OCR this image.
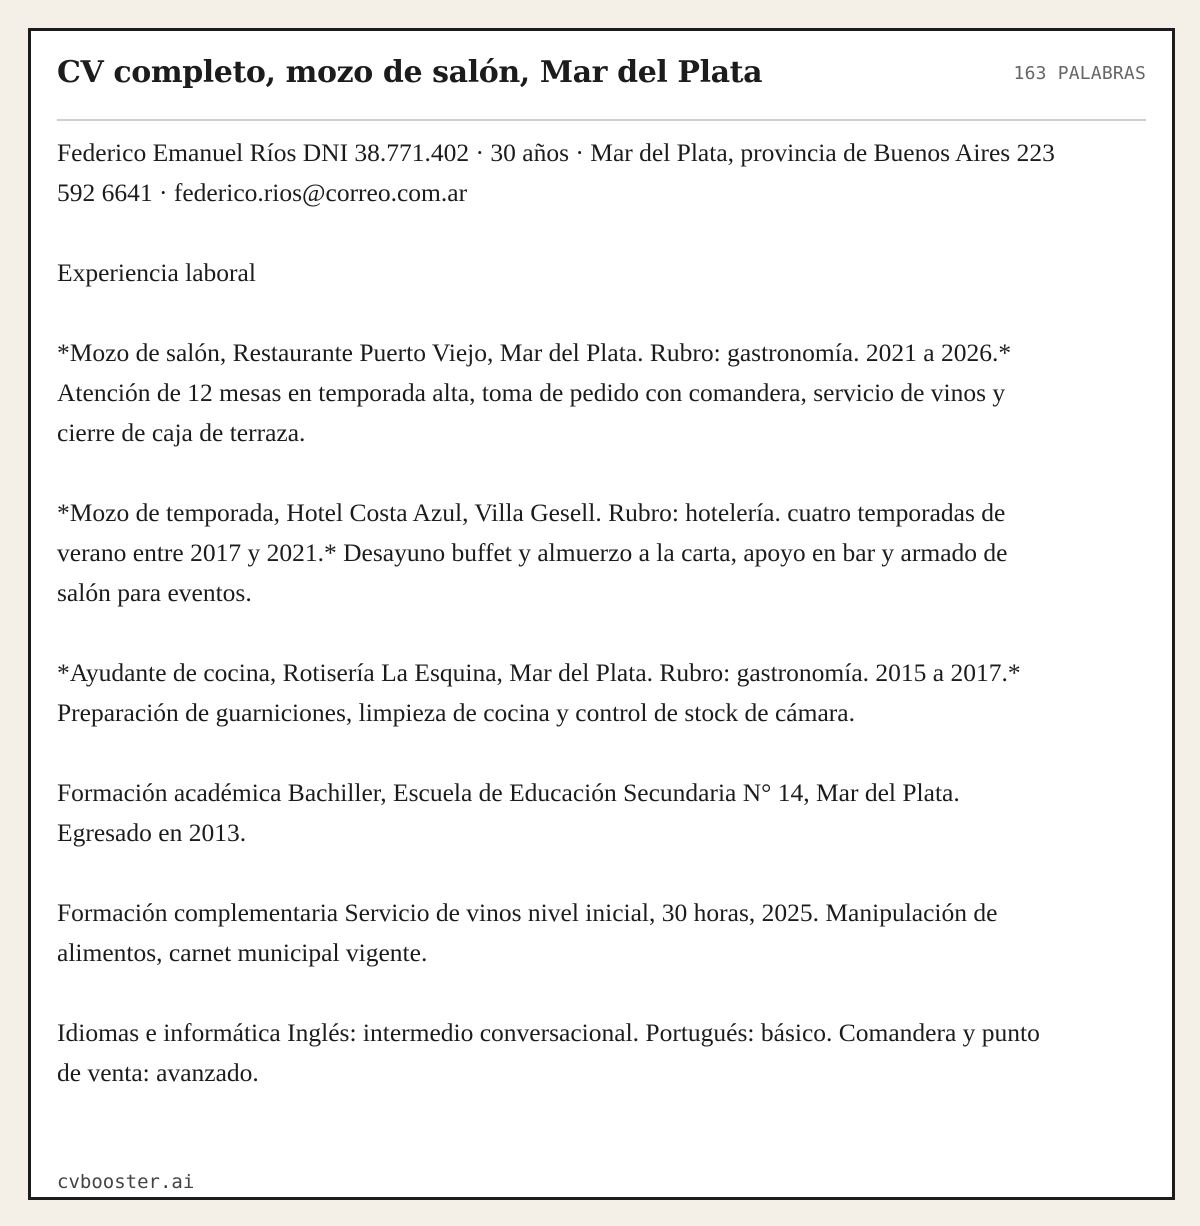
CV completo, mozo de salón, Mar del Plata	163 PALABRAS

Federico Emanuel Ríos DNI 38.771.402 · 30 años · Mar del Plata, provincia de Buenos Aires 223 592 6641 · federico.rios@correo.com.ar

Experiencia laboral

*Mozo de salón, Restaurante Puerto Viejo, Mar del Plata. Rubro: gastronomía. 2021 a 2026.* Atención de 12 mesas en temporada alta, toma de pedido con comandera, servicio de vinos y cierre de caja de terraza.

*Mozo de temporada, Hotel Costa Azul, Villa Gesell. Rubro: hotelería. cuatro temporadas de verano entre 2017 y 2021.* Desayuno buffet y almuerzo a la carta, apoyo en bar y armado de salón para eventos.

*Ayudante de cocina, Rotisería La Esquina, Mar del Plata. Rubro: gastronomía. 2015 a 2017.* Preparación de guarniciones, limpieza de cocina y control de stock de cámara.

Formación académica Bachiller, Escuela de Educación Secundaria N° 14, Mar del Plata. Egresado en 2013.

Formación complementaria Servicio de vinos nivel inicial, 30 horas, 2025. Manipulación de alimentos, carnet municipal vigente.

Idiomas e informática Inglés: intermedio conversacional. Portugués: básico. Comandera y punto de venta: avanzado.

cvbooster.ai
